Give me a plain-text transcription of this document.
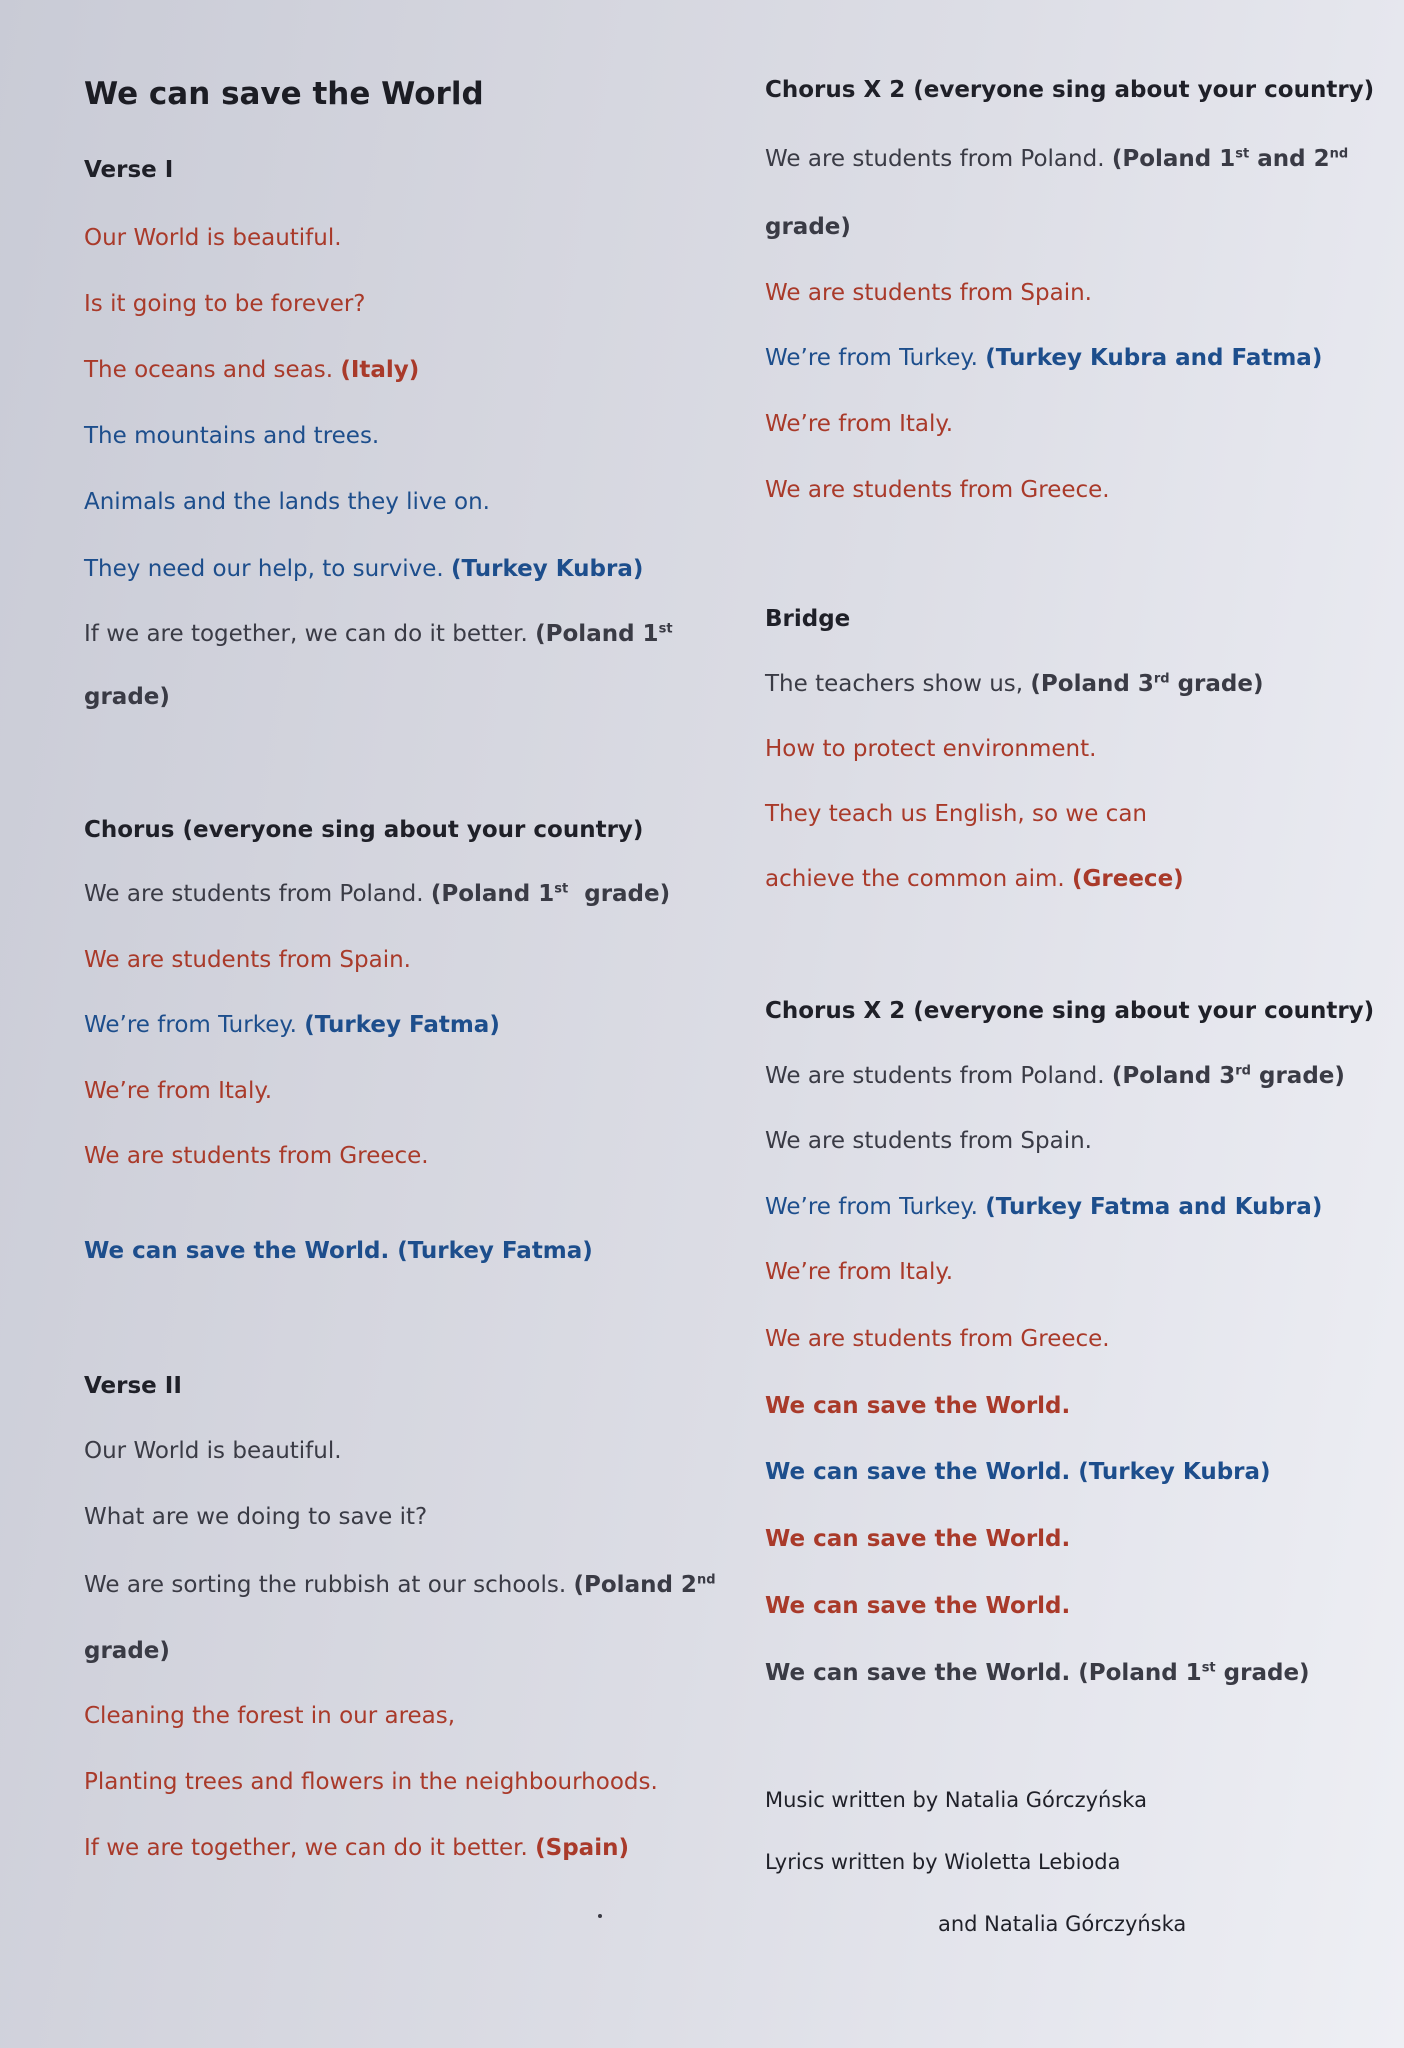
We can save the World
Verse I
Our World is beautiful.
Is it going to be forever?
The oceans and seas. (Italy)
The mountains and trees.
Animals and the lands they live on.
They need our help, to survive. (Turkey Kubra)
If we are together, we can do it better. (Poland 1st
grade)
Chorus (everyone sing about your country)
We are students from Poland. (Poland 1st  grade)
We are students from Spain.
We’re from Turkey. (Turkey Fatma)
We’re from Italy.
We are students from Greece.
We can save the World. (Turkey Fatma)
Verse II
Our World is beautiful.
What are we doing to save it?
We are sorting the rubbish at our schools. (Poland 2nd
grade)
Cleaning the forest in our areas,
Planting trees and flowers in the neighbourhoods.
If we are together, we can do it better. (Spain)
Chorus X 2 (everyone sing about your country)
We are students from Poland. (Poland 1st and 2nd
grade)
We are students from Spain.
We’re from Turkey. (Turkey Kubra and Fatma)
We’re from Italy.
We are students from Greece.
Bridge
The teachers show us, (Poland 3rd grade)
How to protect environment.
They teach us English, so we can
achieve the common aim. (Greece)
Chorus X 2 (everyone sing about your country)
We are students from Poland. (Poland 3rd grade)
We are students from Spain.
We’re from Turkey. (Turkey Fatma and Kubra)
We’re from Italy.
We are students from Greece.
We can save the World.
We can save the World. (Turkey Kubra)
We can save the World.
We can save the World.
We can save the World. (Poland 1st grade)
Music written by Natalia Górczyńska
Lyrics written by Wioletta Lebioda
and Natalia Górczyńska
